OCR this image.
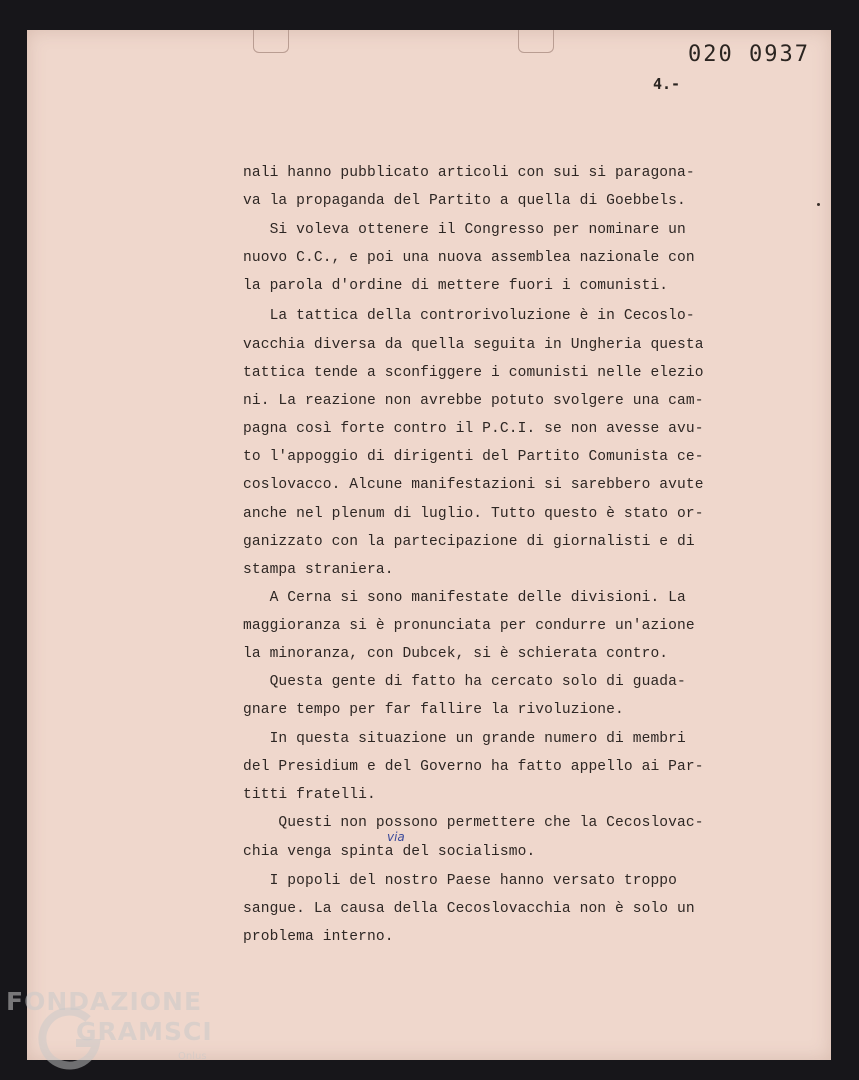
020 0937
4.-
nali hanno pubblicato articoli con sui si paragona-
va la propaganda del Partito a quella di Goebbels.
Si voleva ottenere il Congresso per nominare un
nuovo C.C., e poi una nuova assemblea nazionale con
la parola d'ordine di mettere fuori i comunisti.
La tattica della controrivoluzione è in Cecoslo-
vacchia diversa da quella seguita in Ungheria questa
tattica tende a sconfiggere i comunisti nelle elezio
ni. La reazione non avrebbe potuto svolgere una cam-
pagna così forte contro il P.C.I. se non avesse avu-
to l'appoggio di dirigenti del Partito Comunista ce-
coslovacco. Alcune manifestazioni si sarebbero avute
anche nel plenum di luglio. Tutto questo è stato or-
ganizzato con la partecipazione di giornalisti e di
stampa straniera.
A Cerna si sono manifestate delle divisioni. La
maggioranza si è pronunciata per condurre un'azione
la minoranza, con Dubcek, si è schierata contro.
Questa gente di fatto ha cercato solo di guada-
gnare tempo per far fallire la rivoluzione.
In questa situazione un grande numero di membri
del Presidium e del Governo ha fatto appello ai Par-
titti fratelli.
Questi non possono permettere che la Cecoslovac-
chia venga spinta del socialismo.
I popoli del nostro Paese hanno versato troppo
sangue. La causa della Cecoslovacchia non è solo un
problema interno.
via
FONDAZIONE
GRAMSCI
Onlus
